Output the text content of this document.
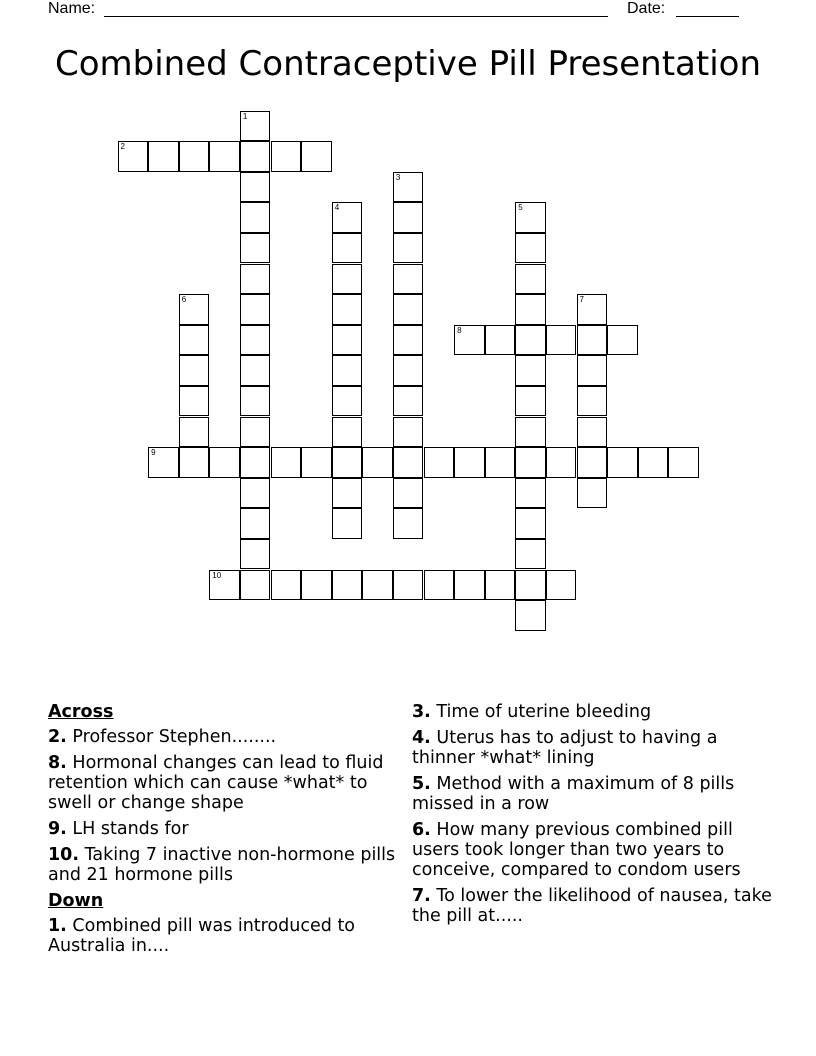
Name:	Date:
Combined Contraceptive Pill Presentation
1
2
3
4	5
6	7
8
9
10
Across
2. Professor Stephen........
8. Hormonal changes can lead to fluid retention which can cause *what* to swell or change shape
9. LH stands for
10. Taking 7 inactive non-hormone pills and 21 hormone pills
Down
1. Combined pill was introduced to Australia in....
3. Time of uterine bleeding
4. Uterus has to adjust to having a thinner *what* lining
5. Method with a maximum of 8 pills missed in a row
6. How many previous combined pill users took longer than two years to conceive, compared to condom users
7. To lower the likelihood of nausea, take the pill at.....
